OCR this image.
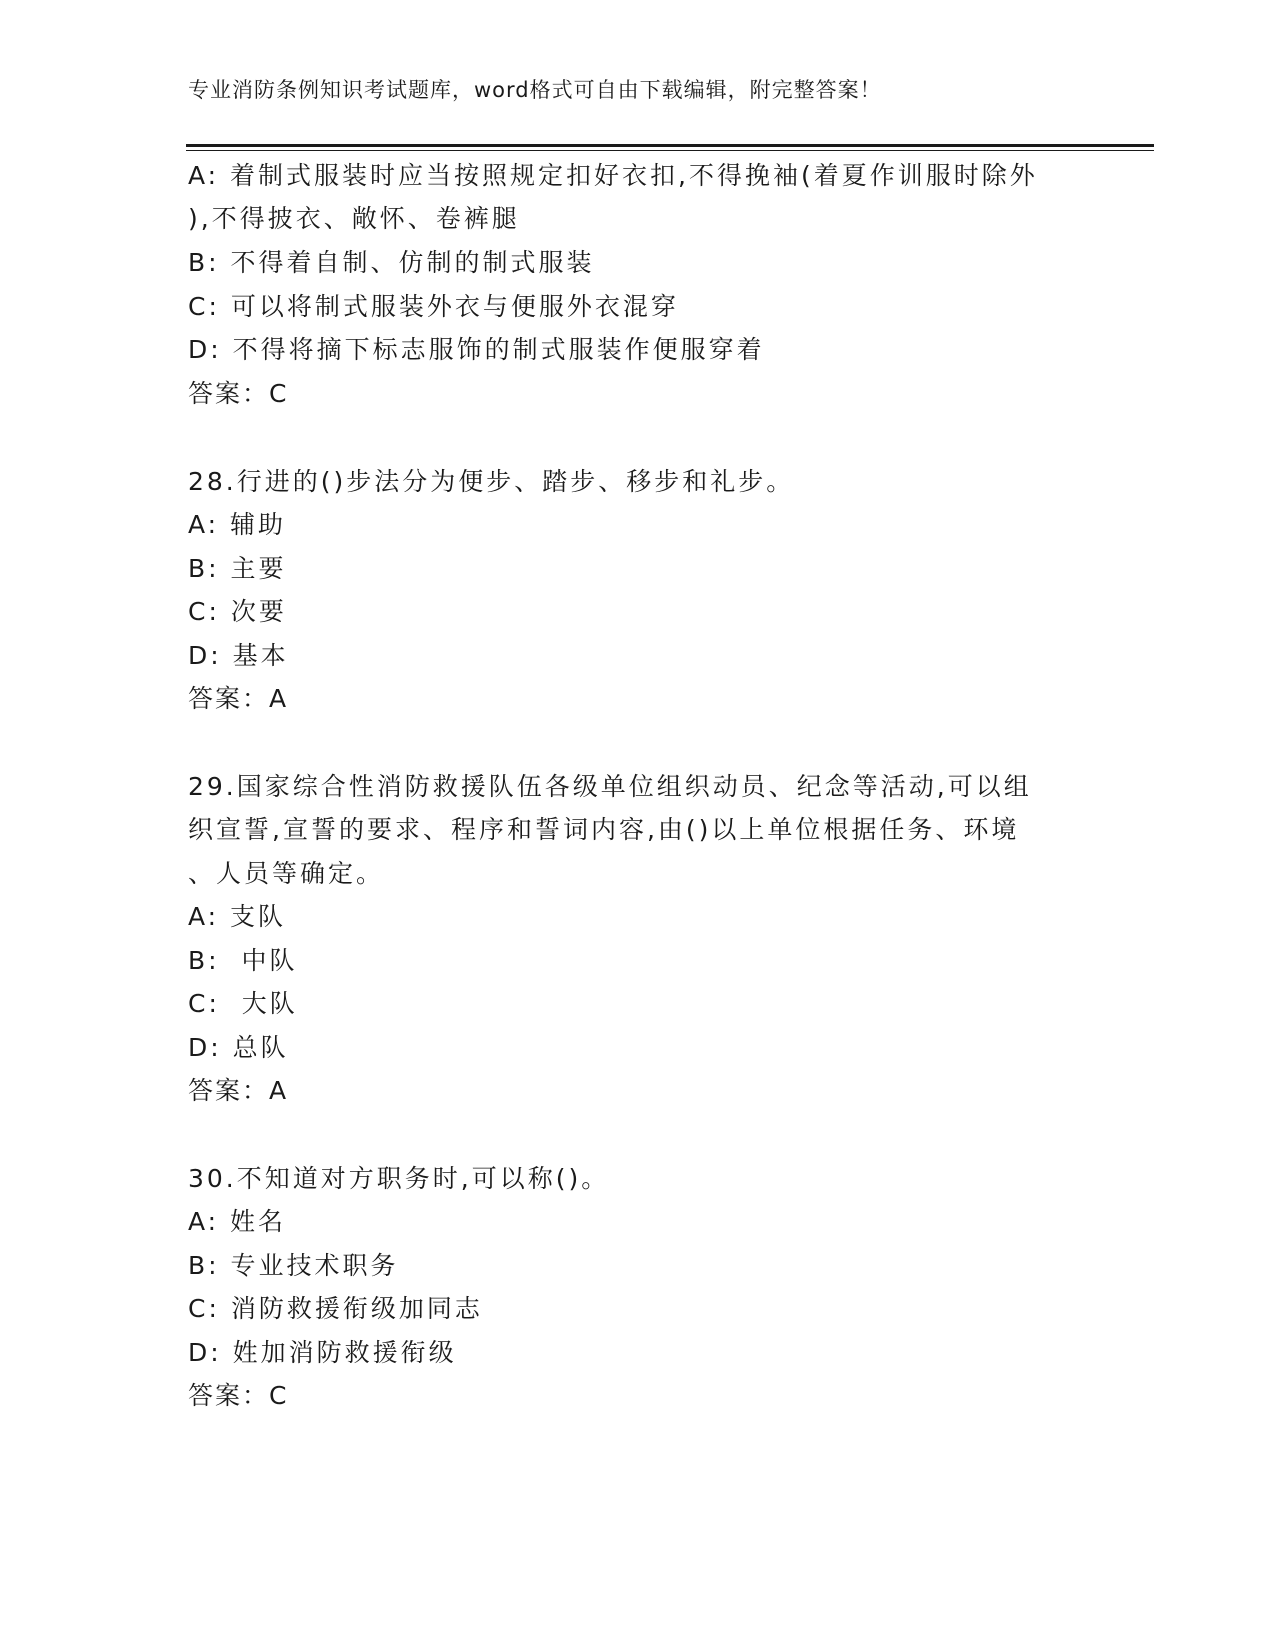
专业消防条例知识考试题库，word格式可自由下载编辑，附完整答案！
A: 着制式服装时应当按照规定扣好衣扣,不得挽袖(着夏作训服时除外
),不得披衣、敞怀、卷裤腿
B: 不得着自制、仿制的制式服装
C: 可以将制式服装外衣与便服外衣混穿
D: 不得将摘下标志服饰的制式服装作便服穿着
答案：C
28.行进的()步法分为便步、踏步、移步和礼步。
A: 辅助
B: 主要
C: 次要
D: 基本
答案：A
29.国家综合性消防救援队伍各级单位组织动员、纪念等活动,可以组
织宣誓,宣誓的要求、程序和誓词内容,由()以上单位根据任务、环境
、人员等确定。
A: 支队
B:  中队
C:  大队
D: 总队
答案：A
30.不知道对方职务时,可以称()。
A: 姓名
B: 专业技术职务
C: 消防救援衔级加同志
D: 姓加消防救援衔级
答案：C
